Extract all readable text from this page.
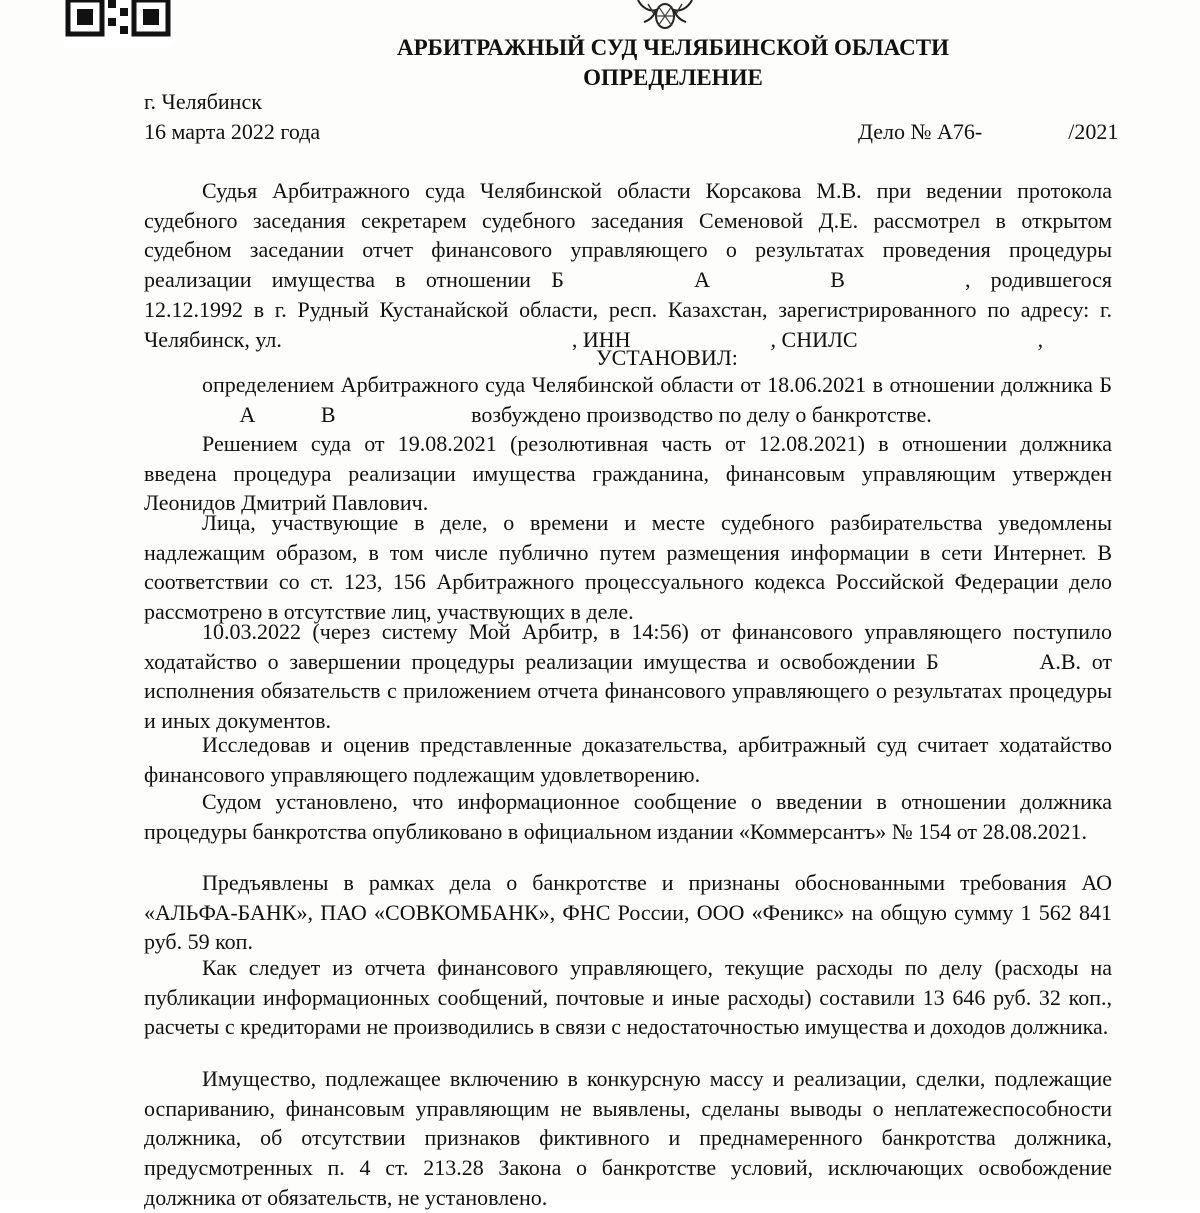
АРБИТРАЖНЫЙ СУД ЧЕЛЯБИНСКОЙ ОБЛАСТИ
ОПРЕДЕЛЕНИЕ
г. Челябинск
16 марта 2022 года	Дело № А76-	/2021
Судья Арбитражного суда Челябинской области Корсакова М.В. при ведении протокола судебного заседания секретарем судебного заседания Семеновой Д.Е. рассмотрел в открытом судебном заседании отчет финансового управляющего о результатах проведения процедуры реализации имущества в отношении Б	А	В	, родившегося 12.12.1992 в г. Рудный Кустанайской области, респ. Казахстан, зарегистрированного по адресу: г. Челябинск, ул.	, ИНН	, СНИЛС	,
УСТАНОВИЛ:
определением Арбитражного суда Челябинской области от 18.06.2021 в отношении должника Б А	В	возбуждено производство по делу о банкротстве.
Решением суда от 19.08.2021 (резолютивная часть от 12.08.2021) в отношении должника введена процедура реализации имущества гражданина, финансовым управляющим утвержден Леонидов Дмитрий Павлович.
Лица, участвующие в деле, о времени и месте судебного разбирательства уведомлены надлежащим образом, в том числе публично путем размещения информации в сети Интернет. В соответствии со ст. 123, 156 Арбитражного процессуального кодекса Российской Федерации дело рассмотрено в отсутствие лиц, участвующих в деле.
10.03.2022 (через систему Мой Арбитр, в 14:56) от финансового управляющего поступило ходатайство о завершении процедуры реализации имущества и освобождении Б	А.В. от исполнения обязательств с приложением отчета финансового управляющего о результатах процедуры и иных документов.
Исследовав и оценив представленные доказательства, арбитражный суд считает ходатайство финансового управляющего подлежащим удовлетворению.
Судом установлено, что информационное сообщение о введении в отношении должника процедуры банкротства опубликовано в официальном издании «Коммерсантъ» № 154 от 28.08.2021.
Предъявлены в рамках дела о банкротстве и признаны обоснованными требования АО «АЛЬФА-БАНК», ПАО «СОВКОМБАНК», ФНС России, ООО «Феникс» на общую сумму 1 562 841 руб. 59 коп.
Как следует из отчета финансового управляющего, текущие расходы по делу (расходы на публикации информационных сообщений, почтовые и иные расходы) составили 13 646 руб. 32 коп., расчеты с кредиторами не производились в связи с недостаточностью имущества и доходов должника.
Имущество, подлежащее включению в конкурсную массу и реализации, сделки, подлежащие оспариванию, финансовым управляющим не выявлены, сделаны выводы о неплатежеспособности должника, об отсутствии признаков фиктивного и преднамеренного банкротства должника, предусмотренных п. 4 ст. 213.28 Закона о банкротстве условий, исключающих освобождение должника от обязательств, не установлено.
